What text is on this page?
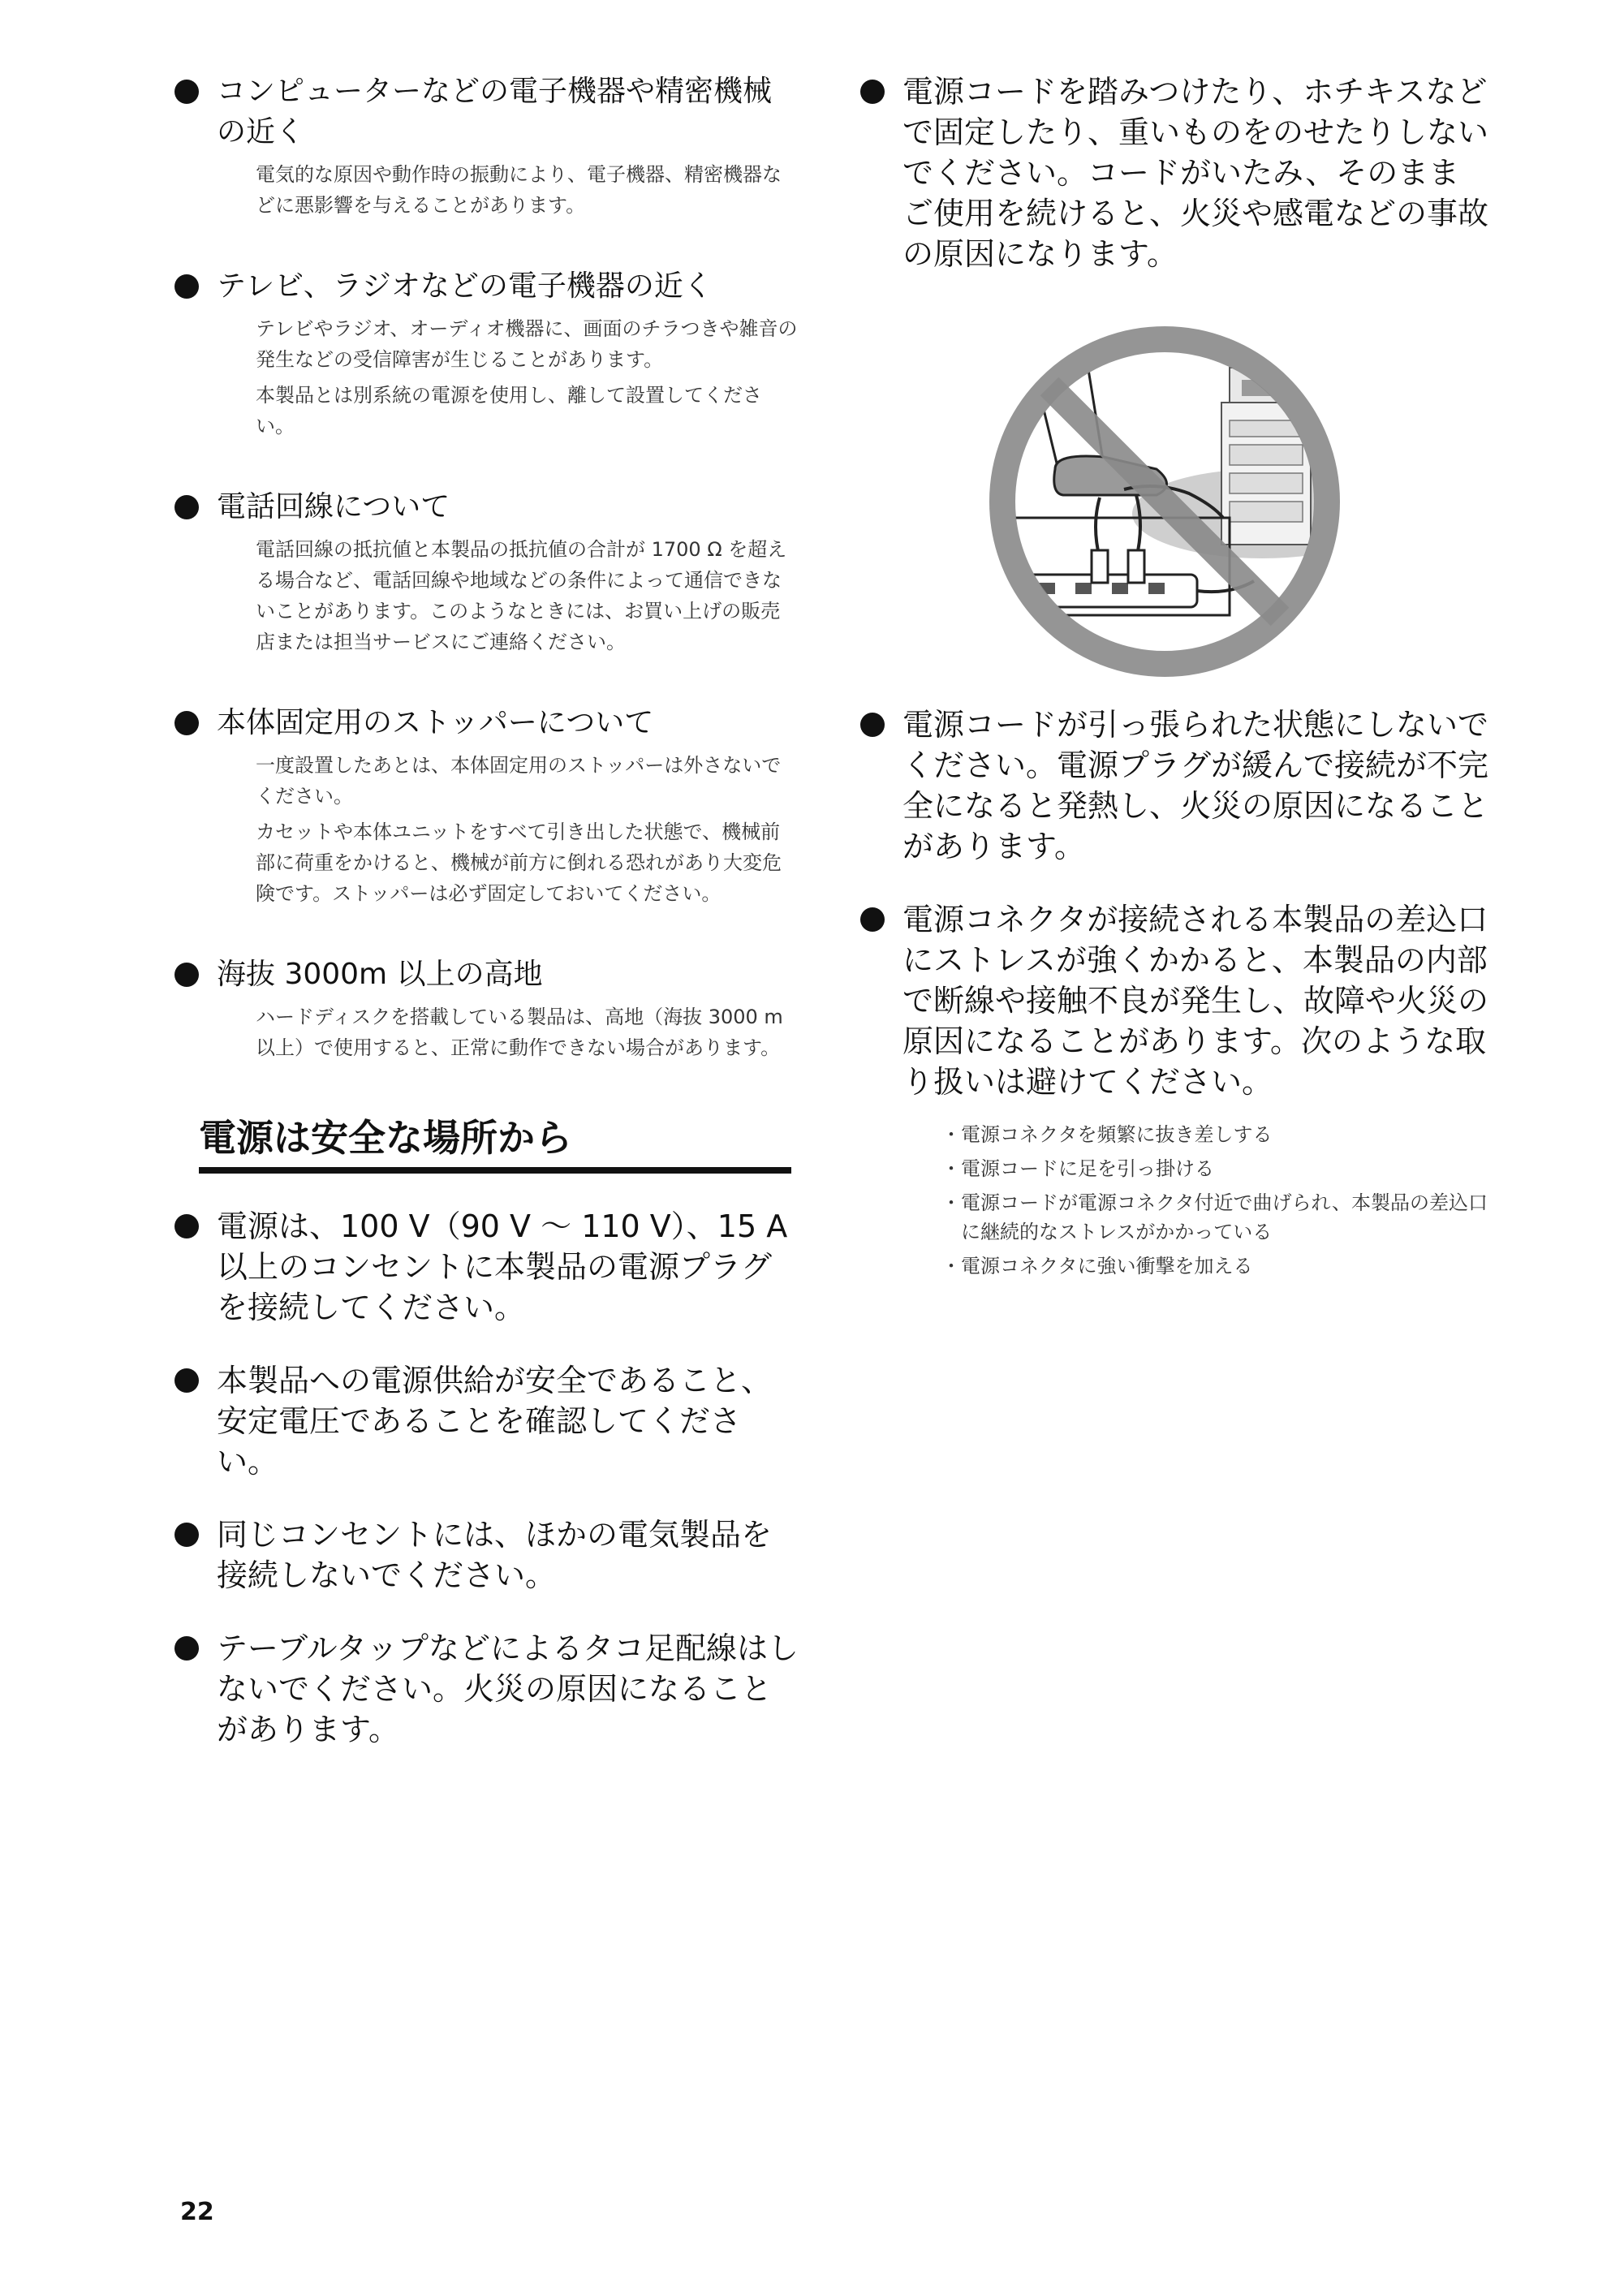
コンピューターなどの電子機器や精密機械の近く

電気的な原因や動作時の振動により、電子機器、精密機器などに悪影響を与えることがあります。

テレビ、ラジオなどの電子機器の近く

テレビやラジオ、オーディオ機器に、画面のチラつきや雑音の発生などの受信障害が生じることがあります。

本製品とは別系統の電源を使用し、離して設置してください。

電話回線について

電話回線の抵抗値と本製品の抵抗値の合計が 1700 Ω を超える場合など、電話回線や地域などの条件によって通信できないことがあります。このようなときには、お買い上げの販売店または担当サービスにご連絡ください。

本体固定用のストッパーについて

一度設置したあとは、本体固定用のストッパーは外さないでください。

カセットや本体ユニットをすべて引き出した状態で、機械前部に荷重をかけると、機械が前方に倒れる恐れがあり大変危険です。ストッパーは必ず固定しておいてください。

海抜 3000m 以上の高地

ハードディスクを搭載している製品は、高地（海抜 3000 m以上）で使用すると、正常に動作できない場合があります。

電源は安全な場所から

電源は、100 V（90 V ～ 110 V）、15 A 以上のコンセントに本製品の電源プラグを接続してください。

本製品への電源供給が安全であること、安定電圧であることを確認してください。

同じコンセントには、ほかの電気製品を接続しないでください。

テーブルタップなどによるタコ足配線はしないでください。火災の原因になることがあります。

電源コードを踏みつけたり、ホチキスなどで固定したり、重いものをのせたりしないでください。コードがいたみ、そのままご使用を続けると、火災や感電などの事故の原因になります。

電源コードが引っ張られた状態にしないでください。電源プラグが緩んで接続が不完全になると発熱し、火災の原因になることがあります。

電源コネクタが接続される本製品の差込口にストレスが強くかかると、本製品の内部で断線や接触不良が発生し、故障や火災の原因になることがあります。次のような取り扱いは避けてください。

・ 電源コネクタを頻繁に抜き差しする
・ 電源コードに足を引っ掛ける
・ 電源コードが電源コネクタ付近で曲げられ、本製品の差込口に継続的なストレスがかかっている
・ 電源コネクタに強い衝撃を加える
22
